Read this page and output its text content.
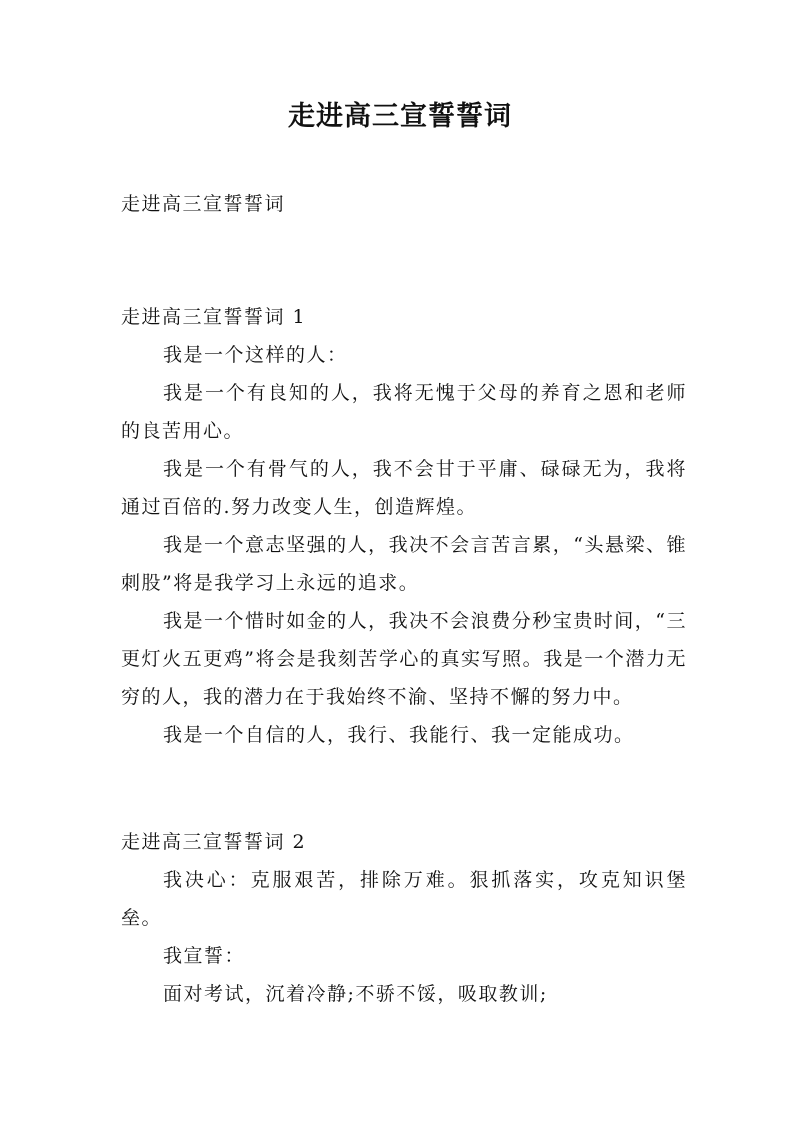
走进高三宣誓誓词
走进高三宣誓誓词

走进高三宣誓誓词 1

我是一个这样的人：

我是一个有良知的人，我将无愧于父母的养育之恩和老师的良苦用心。

我是一个有骨气的人，我不会甘于平庸、碌碌无为，我将通过百倍的.努力改变人生，创造辉煌。

我是一个意志坚强的人，我决不会言苦言累，“头悬梁、锥刺股”将是我学习上永远的追求。

我是一个惜时如金的人，我决不会浪费分秒宝贵时间，“三更灯火五更鸡”将会是我刻苦学心的真实写照。我是一个潜力无穷的人，我的潜力在于我始终不渝、坚持不懈的努力中。

我是一个自信的人，我行、我能行、我一定能成功。

走进高三宣誓誓词 2

我决心：克服艰苦，排除万难。狠抓落实，攻克知识堡垒。

我宣誓：

面对考试，沉着冷静;不骄不馁，吸取教训;
